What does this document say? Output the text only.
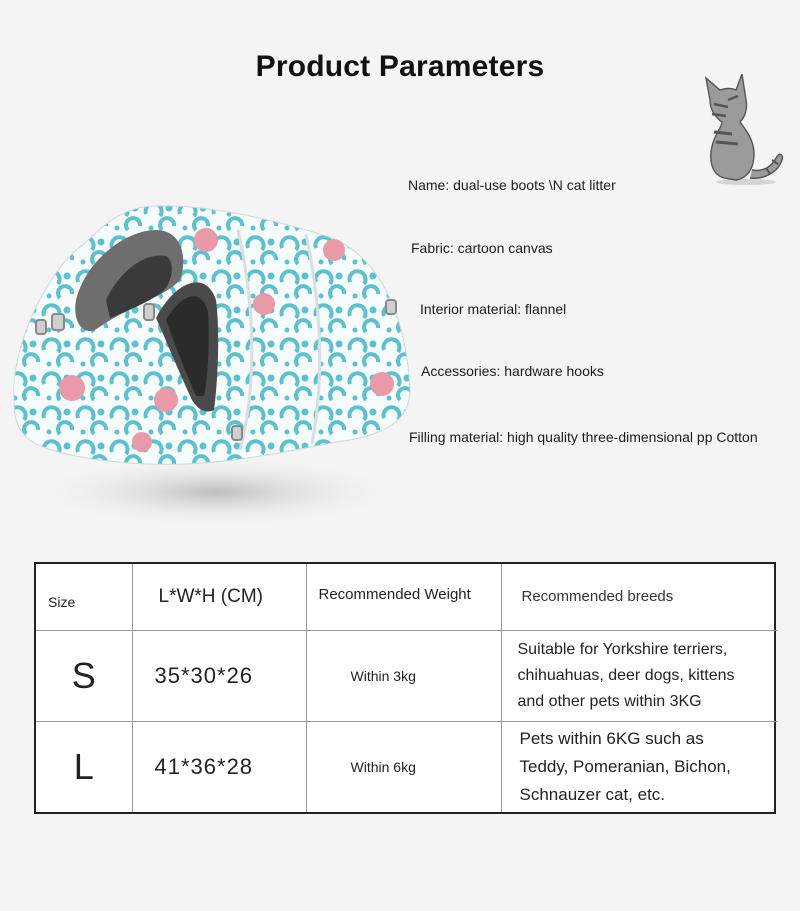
Product Parameters
Name: dual-use boots \N cat litter
Fabric: cartoon canvas
Interior material: flannel
Accessories: hardware hooks
Filling material: high quality three-dimensional pp Cotton
Size	L*W*H (CM)	Recommended Weight	Recommended breeds
S	35*30*26	Within 3kg	Suitable for Yorkshire terriers,
chihuahuas, deer dogs, kittens
and other pets within 3KG

L	41*36*28	Within 6kg	Pets within 6KG such as
Teddy, Pomeranian, Bichon,
Schnauzer cat, etc.
